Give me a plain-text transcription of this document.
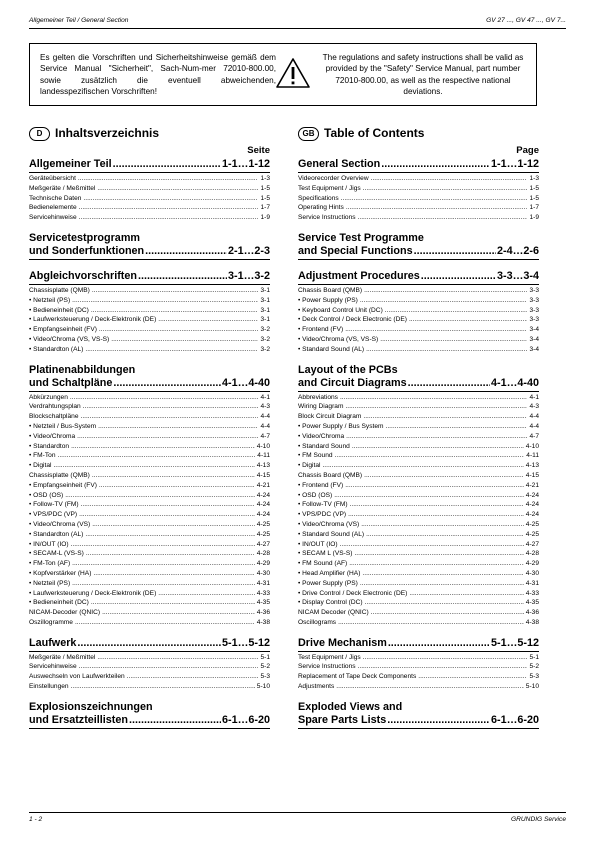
Allgemeiner Teil / General Section	GV 27 ..., GV 47 ..., GV 7...
Es gelten die Vorschriften und Sicherheitshinweise gemäß dem Service Manual "Sicherheit", Sach-Num-mer 72010-800.00, sowie zusätzlich die eventuell abweichenden, landesspezifischen Vorschriften!
The regulations and safety instructions shall be valid as provided by the "Safety" Service Manual, part number 72010-800.00, as well as the respective national deviations.
D Inhaltsverzeichnis
Seite
Allgemeiner Teil .....	1-1…1-12
Geräteübersicht .....	1-3
Meßgeräte / Meßmittel .....	1-5
Technische Daten .....	1-5
Bedienelemente .....	1-7
Servicehinweise .....	1-9
Servicetestprogramm
und Sonderfunktionen .....	2-1…2-3
Abgleichvorschriften .....	3-1…3-2
Chassisplatte (QMB) .....	3-1
• Netzteil (PS) .....	3-1
• Bedieneinheit (DC) .....	3-1
• Laufwerksteuerung / Deck-Elektronik (DE) .....	3-1
• Empfangseinheit (FV) .....	3-2
• Video/Chroma (VS, VS-S) .....	3-2
• Standardton (AL) .....	3-2
Platinenabbildungen
und Schaltpläne .....	4-1…4-40
Abkürzungen .....	4-1
Verdrahtungsplan .....	4-3
Blockschaltpläne .....	4-4
• Netzteil / Bus-System .....	4-4
• Video/Chroma .....	4-7
• Standardton .....	4-10
• FM-Ton .....	4-11
• Digital .....	4-13
Chassisplatte (QMB) .....	4-15
• Empfangseinheit (FV) .....	4-21
• OSD (OS) .....	4-24
• Follow-TV (FM) .....	4-24
• VPS/PDC (VP) .....	4-24
• Video/Chroma (VS) .....	4-25
• Standardton (AL) .....	4-25
• IN/OUT (IO) .....	4-27
• SECAM-L (VS-S) .....	4-28
• FM-Ton (AF) .....	4-29
• Kopfverstärker (HA) .....	4-30
• Netzteil (PS) .....	4-31
• Laufwerksteuerung / Deck-Elektronik (DE) .....	4-33
• Bedieneinheit (DC) .....	4-35
NICAM-Decoder (QNIC) .....	4-36
Oszillogramme .....	4-38
Laufwerk .....	5-1…5-12
Meßgeräte / Meßmittel .....	5-1
Servicehinweise .....	5-2
Auswechseln von Laufwerkteilen .....	5-3
Einstellungen .....	5-10
Explosionszeichnungen
und Ersatzteillisten .....	6-1…6-20
GB Table of Contents
Page
General Section .....	1-1…1-12
Videorecorder Overview .....	1-3
Test Equipment / Jigs .....	1-5
Specifications .....	1-5
Operating Hints .....	1-7
Service Instructions .....	1-9
Service Test Programme
and Special Functions .....	2-4…2-6
Adjustment Procedures .....	3-3…3-4
Chassis Board (QMB) .....	3-3
• Power Supply (PS) .....	3-3
• Keyboard Control Unit (DC) .....	3-3
• Deck Control / Deck Electronic (DE) .....	3-3
• Frontend (FV) .....	3-4
• Video/Chroma (VS, VS-S) .....	3-4
• Standard Sound (AL) .....	3-4
Layout of the PCBs
and Circuit Diagrams .....	4-1…4-40
Abbreviations .....	4-1
Wiring Diagram .....	4-3
Block Circuit Diagram .....	4-4
• Power Supply / Bus System .....	4-4
• Video/Chroma .....	4-7
• Standard Sound .....	4-10
• FM Sound .....	4-11
• Digital .....	4-13
Chassis Board (QMB) .....	4-15
• Frontend (FV) .....	4-21
• OSD (OS) .....	4-24
• Follow-TV (FM) .....	4-24
• VPS/PDC (VP) .....	4-24
• Video/Chroma (VS) .....	4-25
• Standard Sound (AL) .....	4-25
• IN/OUT (IO) .....	4-27
• SECAM L (VS-S) .....	4-28
• FM Sound (AF) .....	4-29
• Head Amplifier (HA) .....	4-30
• Power Supply (PS) .....	4-31
• Drive Control / Deck Electronic (DE) .....	4-33
• Display Control (DC) .....	4-35
NICAM Decoder (QNIC) .....	4-36
Oscillograms .....	4-38
Drive Mechanism .....	5-1…5-12
Test Equipment / Jigs .....	5-1
Service Instructions .....	5-2
Replacement of Tape Deck Components .....	5-3
Adjustments .....	5-10
Exploded Views and
Spare Parts Lists .....	6-1…6-20
1 - 2	GRUNDIG Service
